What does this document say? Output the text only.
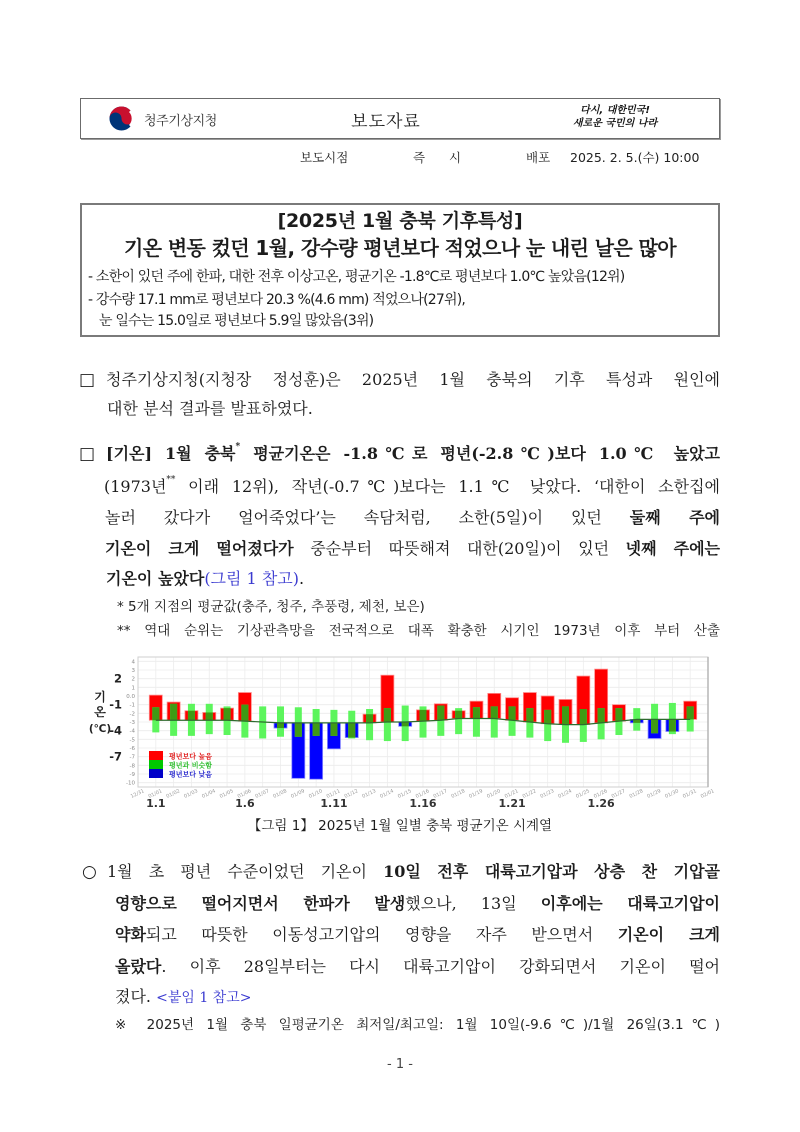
청주기상지청	보도자료
다시, 대한민국!
새로운 국민의 나라
보도시점	즉 시	배포 2025. 2. 5.(수) 10:00
[2025년 1월 충북 기후특성]
기온 변동 컸던 1월, 강수량 평년보다 적었으나 눈 내린 날은 많아
- 소한이 있던 주에 한파, 대한 전후 이상고온, 평균기온 -1.8℃로 평년보다 1.0℃ 높았음(12위)
- 강수량 17.1 mm로 평년보다 20.3 %(4.6 mm) 적었으나(27위),
눈 일수는 15.0일로 평년보다 5.9일 많았음(3위)
□ 청주기상지청(지청장 정성훈)은 2025년 1월 충북의 기후 특성과 원인에
대한 분석 결과를 발표하였다.
□ [기온] 1월 충북* 평균기온은 -1.8℃로 평년(-2.8℃)보다 1.0℃ 높았고
(1973년** 이래 12위), 작년(-0.7℃)보다는 1.1℃ 낮았다. ‘대한이 소한집에
놀러 갔다가 얼어죽었다’는 속담처럼, 소한(5일)이 있던 둘째 주에
기온이 크게 떨어졌다가 중순부터 따뜻해져 대한(20일)이 있던 넷째 주에는
기온이 높았다(그림 1 참고).
* 5개 지점의 평균값(충주, 청주, 추풍령, 제천, 보은)
** 역대 순위는 기상관측망을 전국적으로 대폭 확충한 시기인 1973년 이후 부터 산출
4
3
2
1
0.0
-1
-2
-3
-4
-5
-6
-7
-8
-9
-10
12/31 01/01 01/02 01/03 01/04 01/05 01/06 01/07 01/08 01/09 01/10 01/11 01/12 01/13 01/14 01/15 01/16 01/17 01/18 01/19 01/20 01/21 01/22 01/23 01/24 01/25 01/26 01/27 01/28 01/29 01/30 01/31 02/01
2
-1
-4
-7
기
온
(℃)
평년보다 높음
평년과 비슷함
평년보다 낮음
1.1	1.6	1.11	1.16	1.21	1.26
【그림 1】 2025년 1월 일별 충북 평균기온 시계열
○ 1월 초 평년 수준이었던 기온이 10일 전후 대륙고기압과 상층 찬 기압골
영향으로 떨어지면서 한파가 발생했으나, 13일 이후에는 대륙고기압이
약화되고 따뜻한 이동성고기압의 영향을 자주 받으면서 기온이 크게
올랐다. 이후 28일부터는 다시 대륙고기압이 강화되면서 기온이 떨어
졌다. <붙임 1 참고>
※ 2025년 1월 충북 일평균기온 최저일/최고일: 1월 10일(-9.6℃)/1월 26일(3.1℃)
- 1 -
